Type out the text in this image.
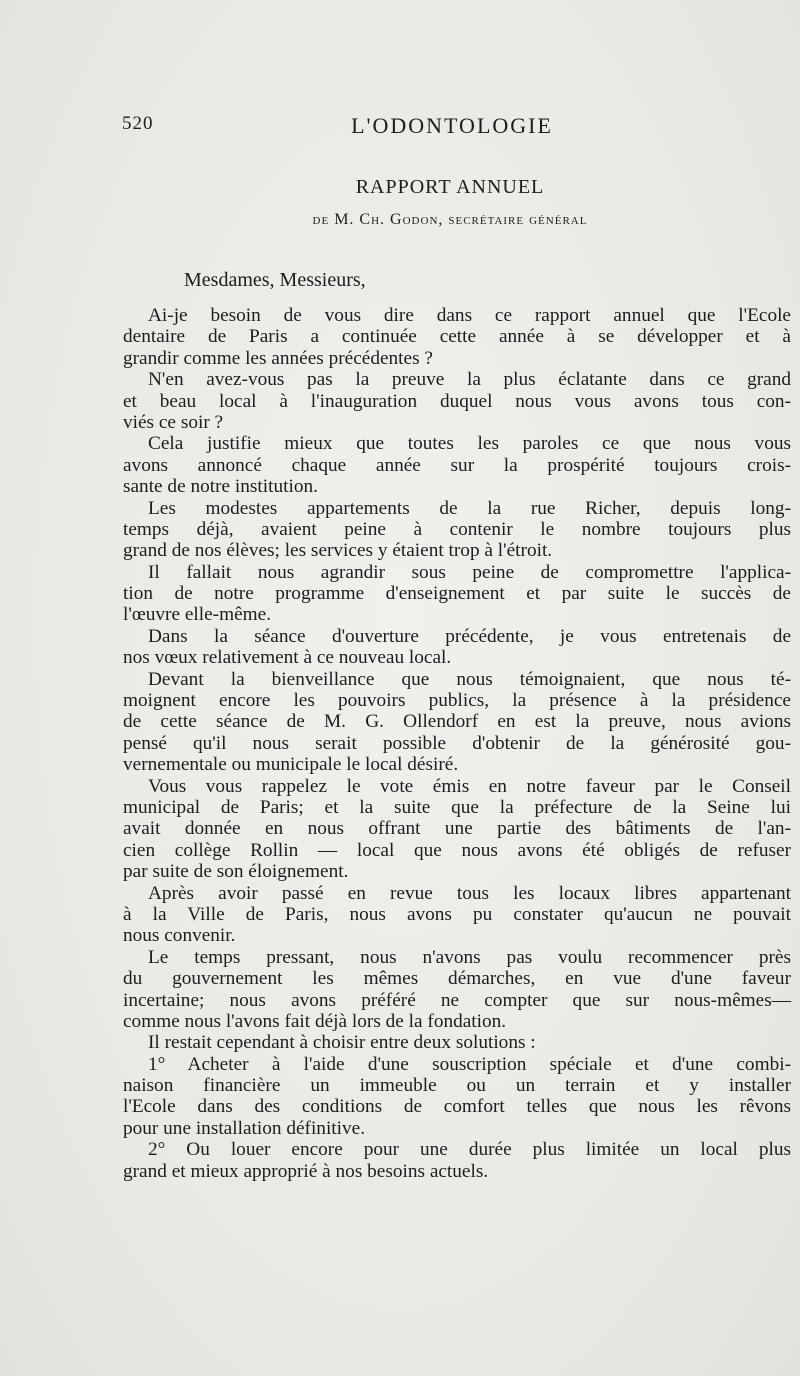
520	L'ODONTOLOGIE
RAPPORT ANNUEL
de M. Ch. Godon, secrétaire général
Mesdames, Messieurs,
Ai-je besoin de vous dire dans ce rapport annuel que l'Ecole
dentaire de Paris a continuée cette année à se développer et à
grandir comme les années précédentes ?
N'en avez-vous pas la preuve la plus éclatante dans ce grand
et beau local à l'inauguration duquel nous vous avons tous con-
viés ce soir ?
Cela justifie mieux que toutes les paroles ce que nous vous
avons annoncé chaque année sur la prospérité toujours crois-
sante de notre institution.
Les modestes appartements de la rue Richer, depuis long-
temps déjà, avaient peine à contenir le nombre toujours plus
grand de nos élèves; les services y étaient trop à l'étroit.
Il fallait nous agrandir sous peine de compromettre l'applica-
tion de notre programme d'enseignement et par suite le succès de
l'œuvre elle-même.
Dans la séance d'ouverture précédente, je vous entretenais de
nos vœux relativement à ce nouveau local.
Devant la bienveillance que nous témoignaient, que nous té-
moignent encore les pouvoirs publics, la présence à la présidence
de cette séance de M. G. Ollendorf en est la preuve, nous avions
pensé qu'il nous serait possible d'obtenir de la générosité gou-
vernementale ou municipale le local désiré.
Vous vous rappelez le vote émis en notre faveur par le Conseil
municipal de Paris; et la suite que la préfecture de la Seine lui
avait donnée en nous offrant une partie des bâtiments de l'an-
cien collège Rollin — local que nous avons été obligés de refuser
par suite de son éloignement.
Après avoir passé en revue tous les locaux libres appartenant
à la Ville de Paris, nous avons pu constater qu'aucun ne pouvait
nous convenir.
Le temps pressant, nous n'avons pas voulu recommencer près
du gouvernement les mêmes démarches, en vue d'une faveur
incertaine; nous avons préféré ne compter que sur nous-mêmes—
comme nous l'avons fait déjà lors de la fondation.
Il restait cependant à choisir entre deux solutions :
1° Acheter à l'aide d'une souscription spéciale et d'une combi-
naison financière un immeuble ou un terrain et y installer
l'Ecole dans des conditions de comfort telles que nous les rêvons
pour une installation définitive.
2° Ou louer encore pour une durée plus limitée un local plus
grand et mieux approprié à nos besoins actuels.
